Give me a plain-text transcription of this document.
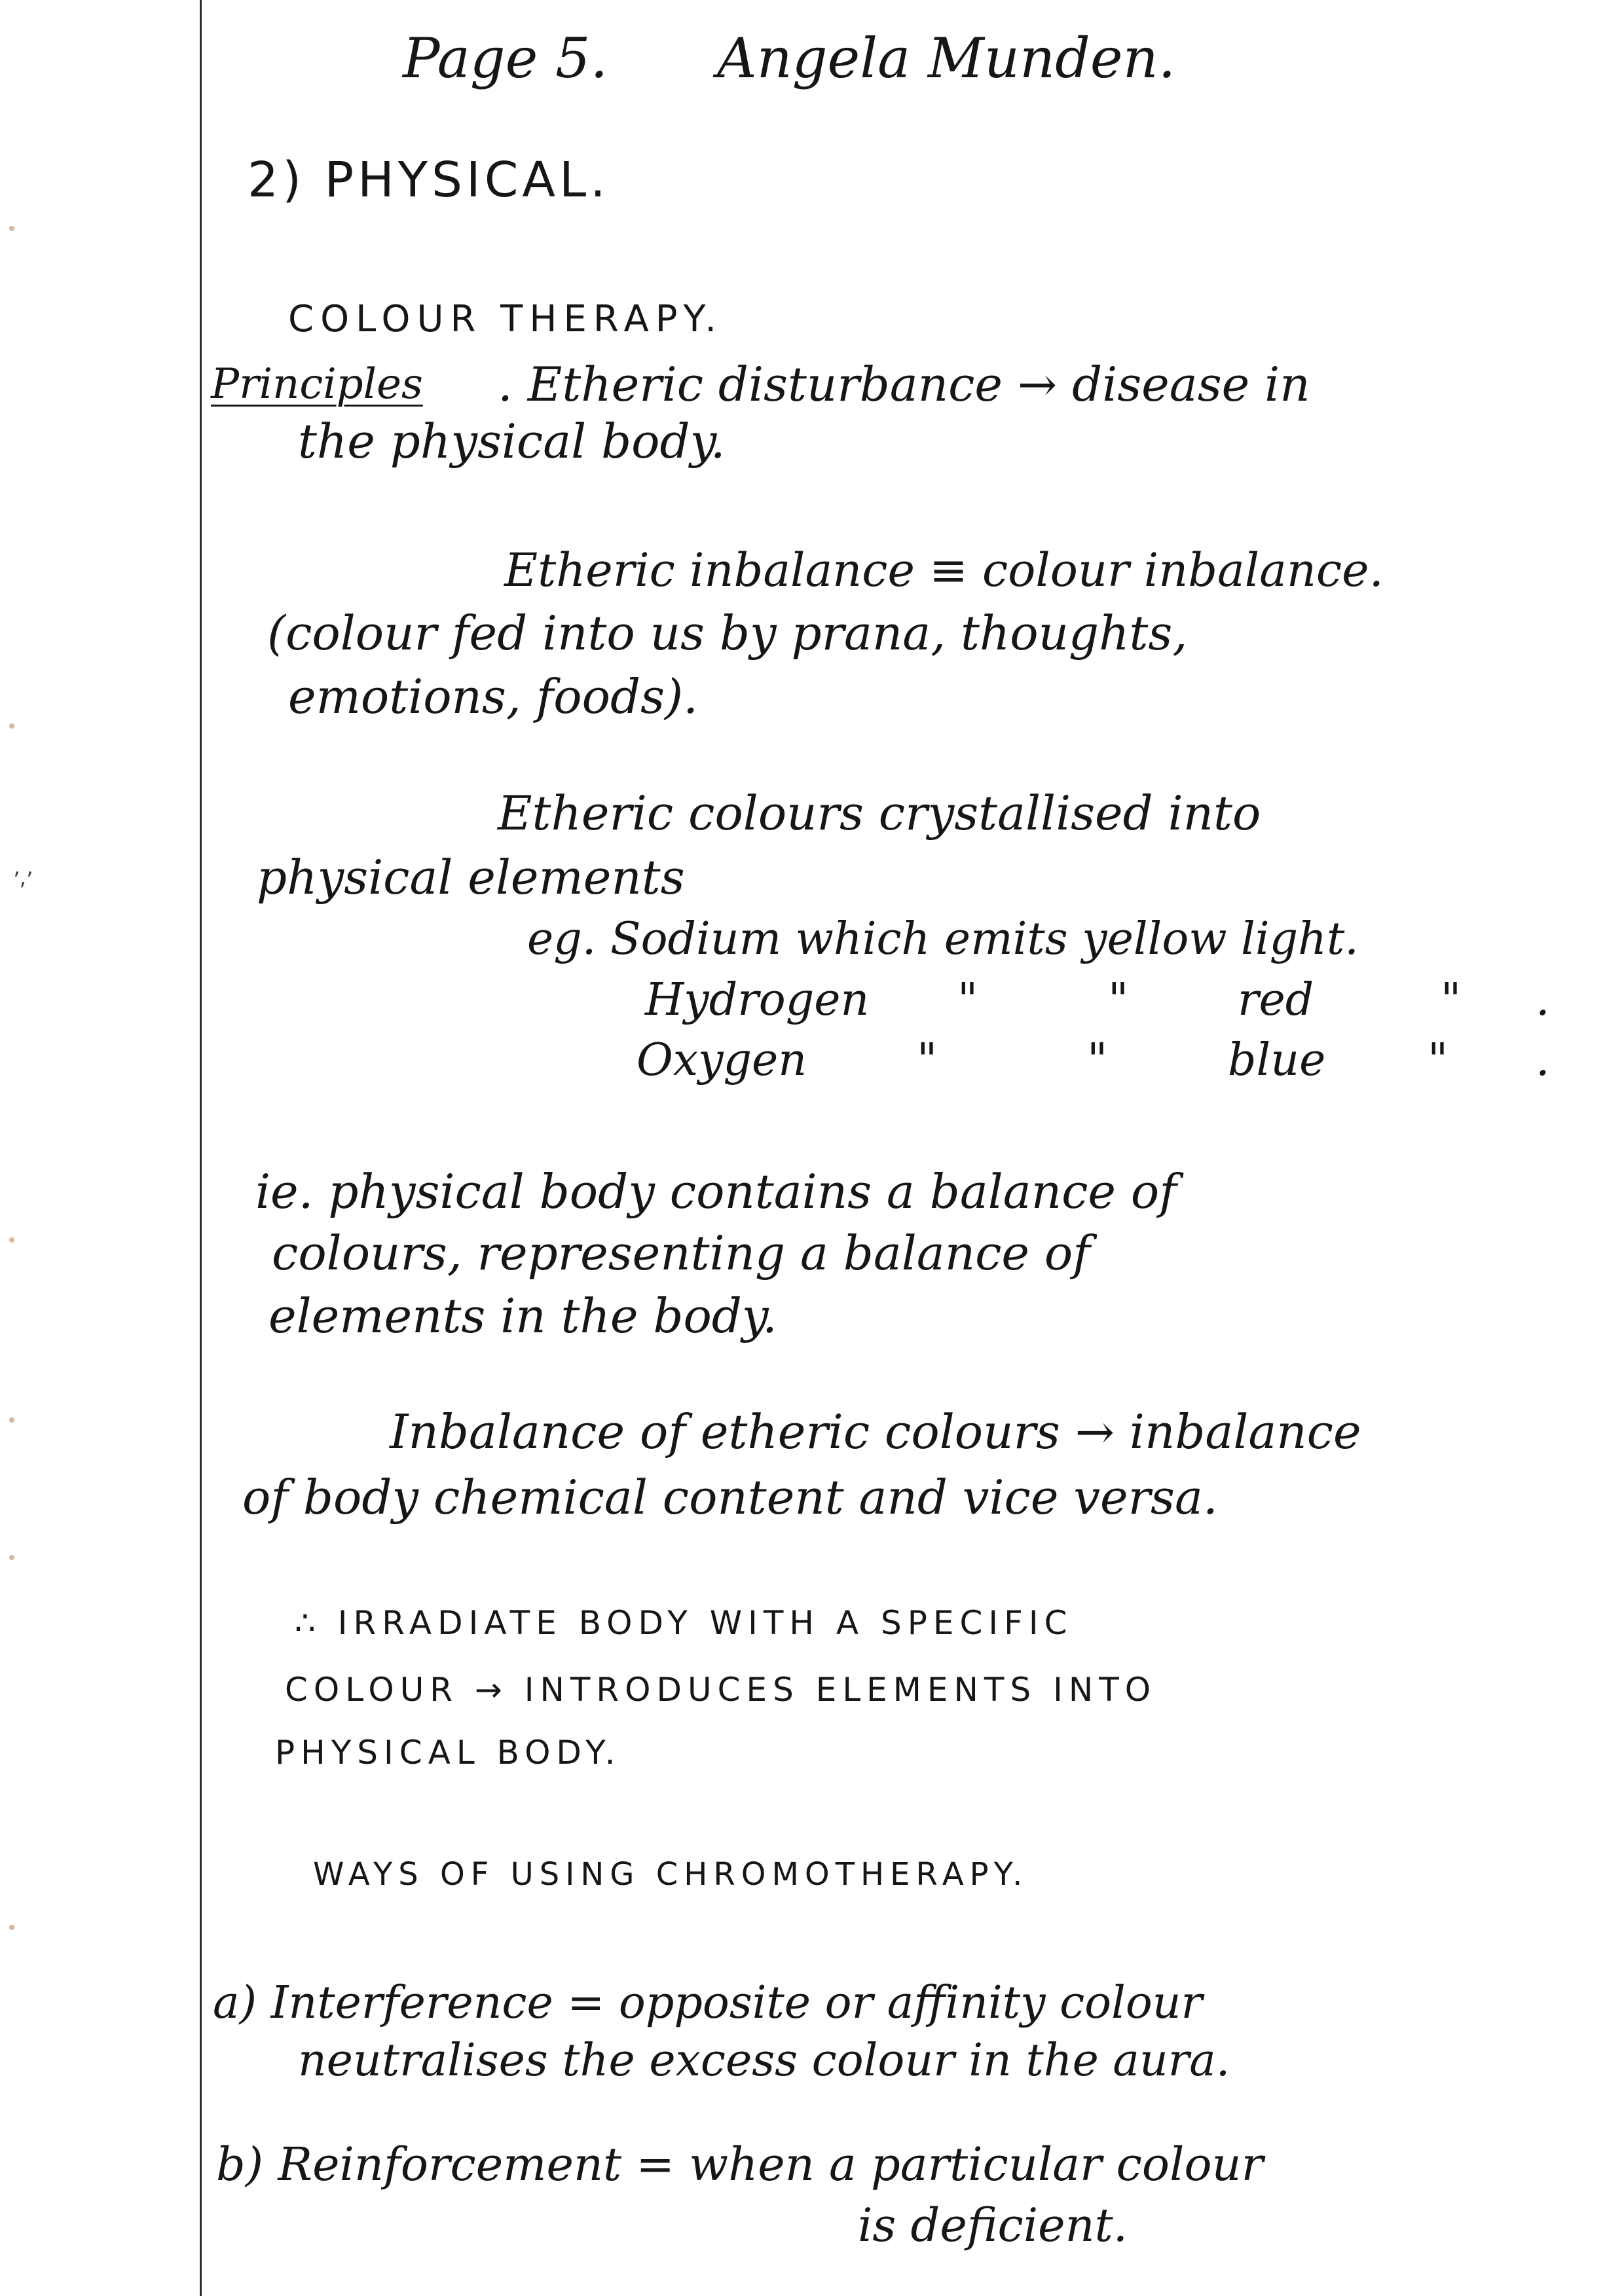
ʼ⸴ʼ
Page 5. Angela Munden.
2) PHYSICAL.
COLOUR THERAPY.
Principles . Etheric disturbance → disease in
the physical body.
Etheric inbalance ≡ colour inbalance.
(colour fed into us by prana, thoughts,
emotions, foods).
Etheric colours crystallised into
physical elements
eg. Sodium which emits yellow light.
Hydrogen "	" red	" .
Oxygen "	"	blue " .
ie. physical body contains a balance of
colours, representing a balance of
elements in the body.
Inbalance of etheric colours → inbalance
of body chemical content and vice versa.
∴ IRRADIATE BODY WITH A SPECIFIC
COLOUR → INTRODUCES ELEMENTS INTO
PHYSICAL BODY.
WAYS OF USING CHROMOTHERAPY.
a) Interference = opposite or affinity colour
neutralises the excess colour in the aura.
b) Reinforcement = when a particular colour
is deficient.
